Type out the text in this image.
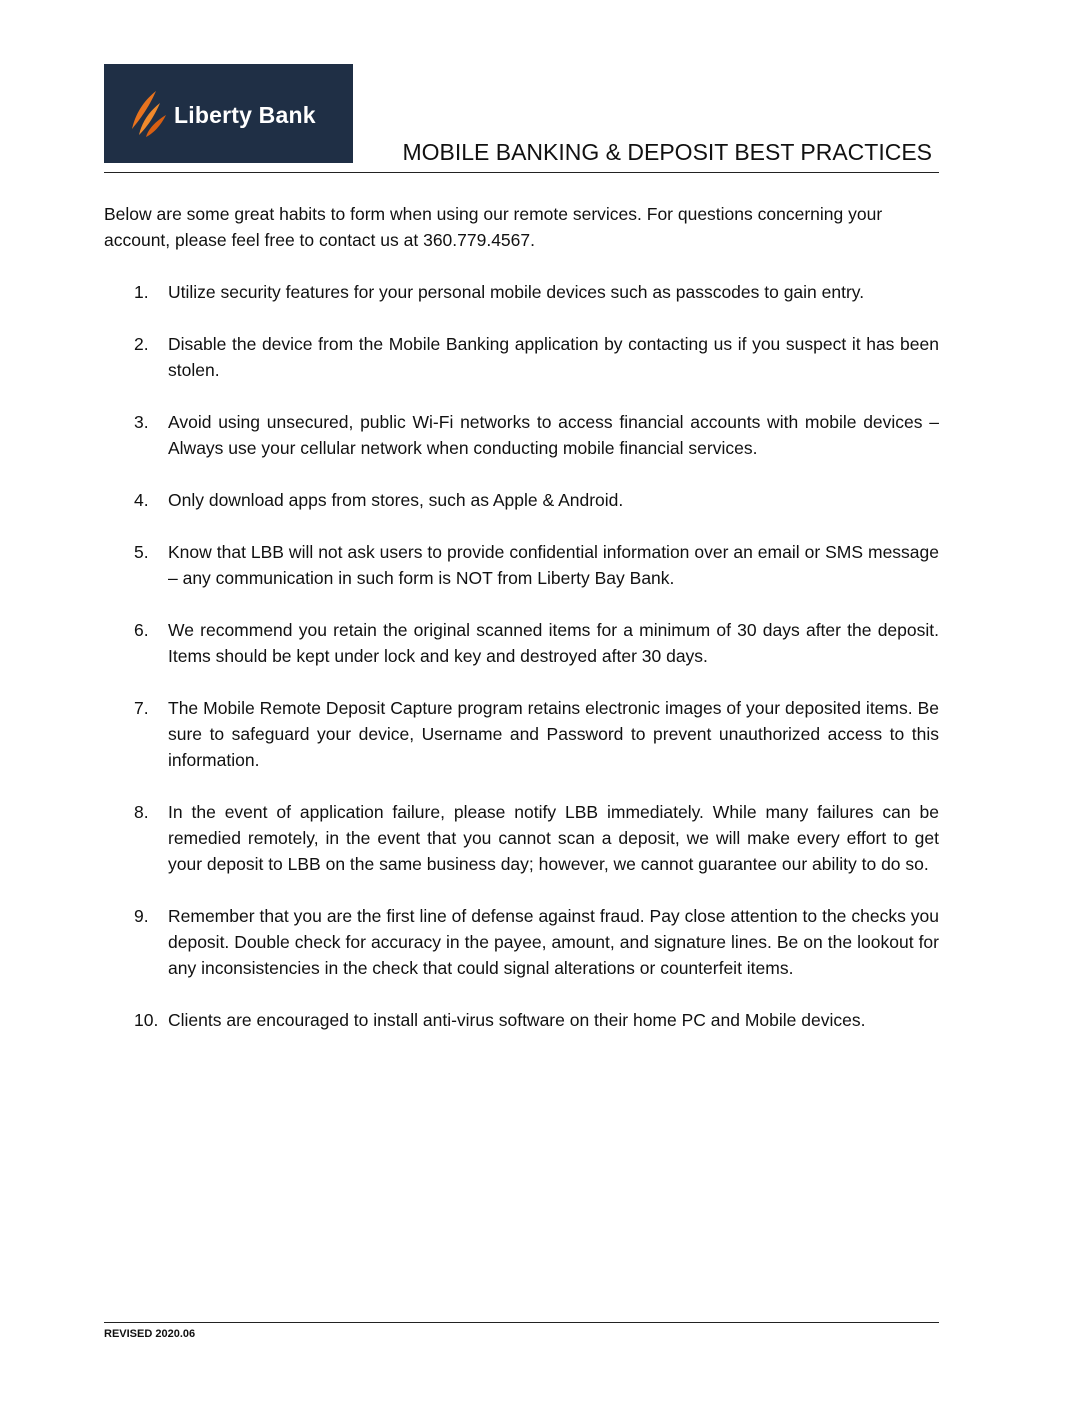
Liberty Bank
MOBILE BANKING & DEPOSIT BEST PRACTICES

Below are some great habits to form when using our remote services. For questions concerning your account, please feel free to contact us at 360.779.4567.

1. Utilize security features for your personal mobile devices such as passcodes to gain entry.
2. Disable the device from the Mobile Banking application by contacting us if you suspect it has been stolen.
3. Avoid using unsecured, public Wi-Fi networks to access financial accounts with mobile devices – Always use your cellular network when conducting mobile financial services.
4. Only download apps from stores, such as Apple & Android.
5. Know that LBB will not ask users to provide confidential information over an email or SMS message – any communication in such form is NOT from Liberty Bay Bank.
6. We recommend you retain the original scanned items for a minimum of 30 days after the deposit. Items should be kept under lock and key and destroyed after 30 days.
7. The Mobile Remote Deposit Capture program retains electronic images of your deposited items. Be sure to safeguard your device, Username and Password to prevent unauthorized access to this information.
8. In the event of application failure, please notify LBB immediately. While many failures can be remedied remotely, in the event that you cannot scan a deposit, we will make every effort to get your deposit to LBB on the same business day; however, we cannot guarantee our ability to do so.
9. Remember that you are the first line of defense against fraud. Pay close attention to the checks you deposit. Double check for accuracy in the payee, amount, and signature lines. Be on the lookout for any inconsistencies in the check that could signal alterations or counterfeit items.
10. Clients are encouraged to install anti-virus software on their home PC and Mobile devices.

REVISED 2020.06
